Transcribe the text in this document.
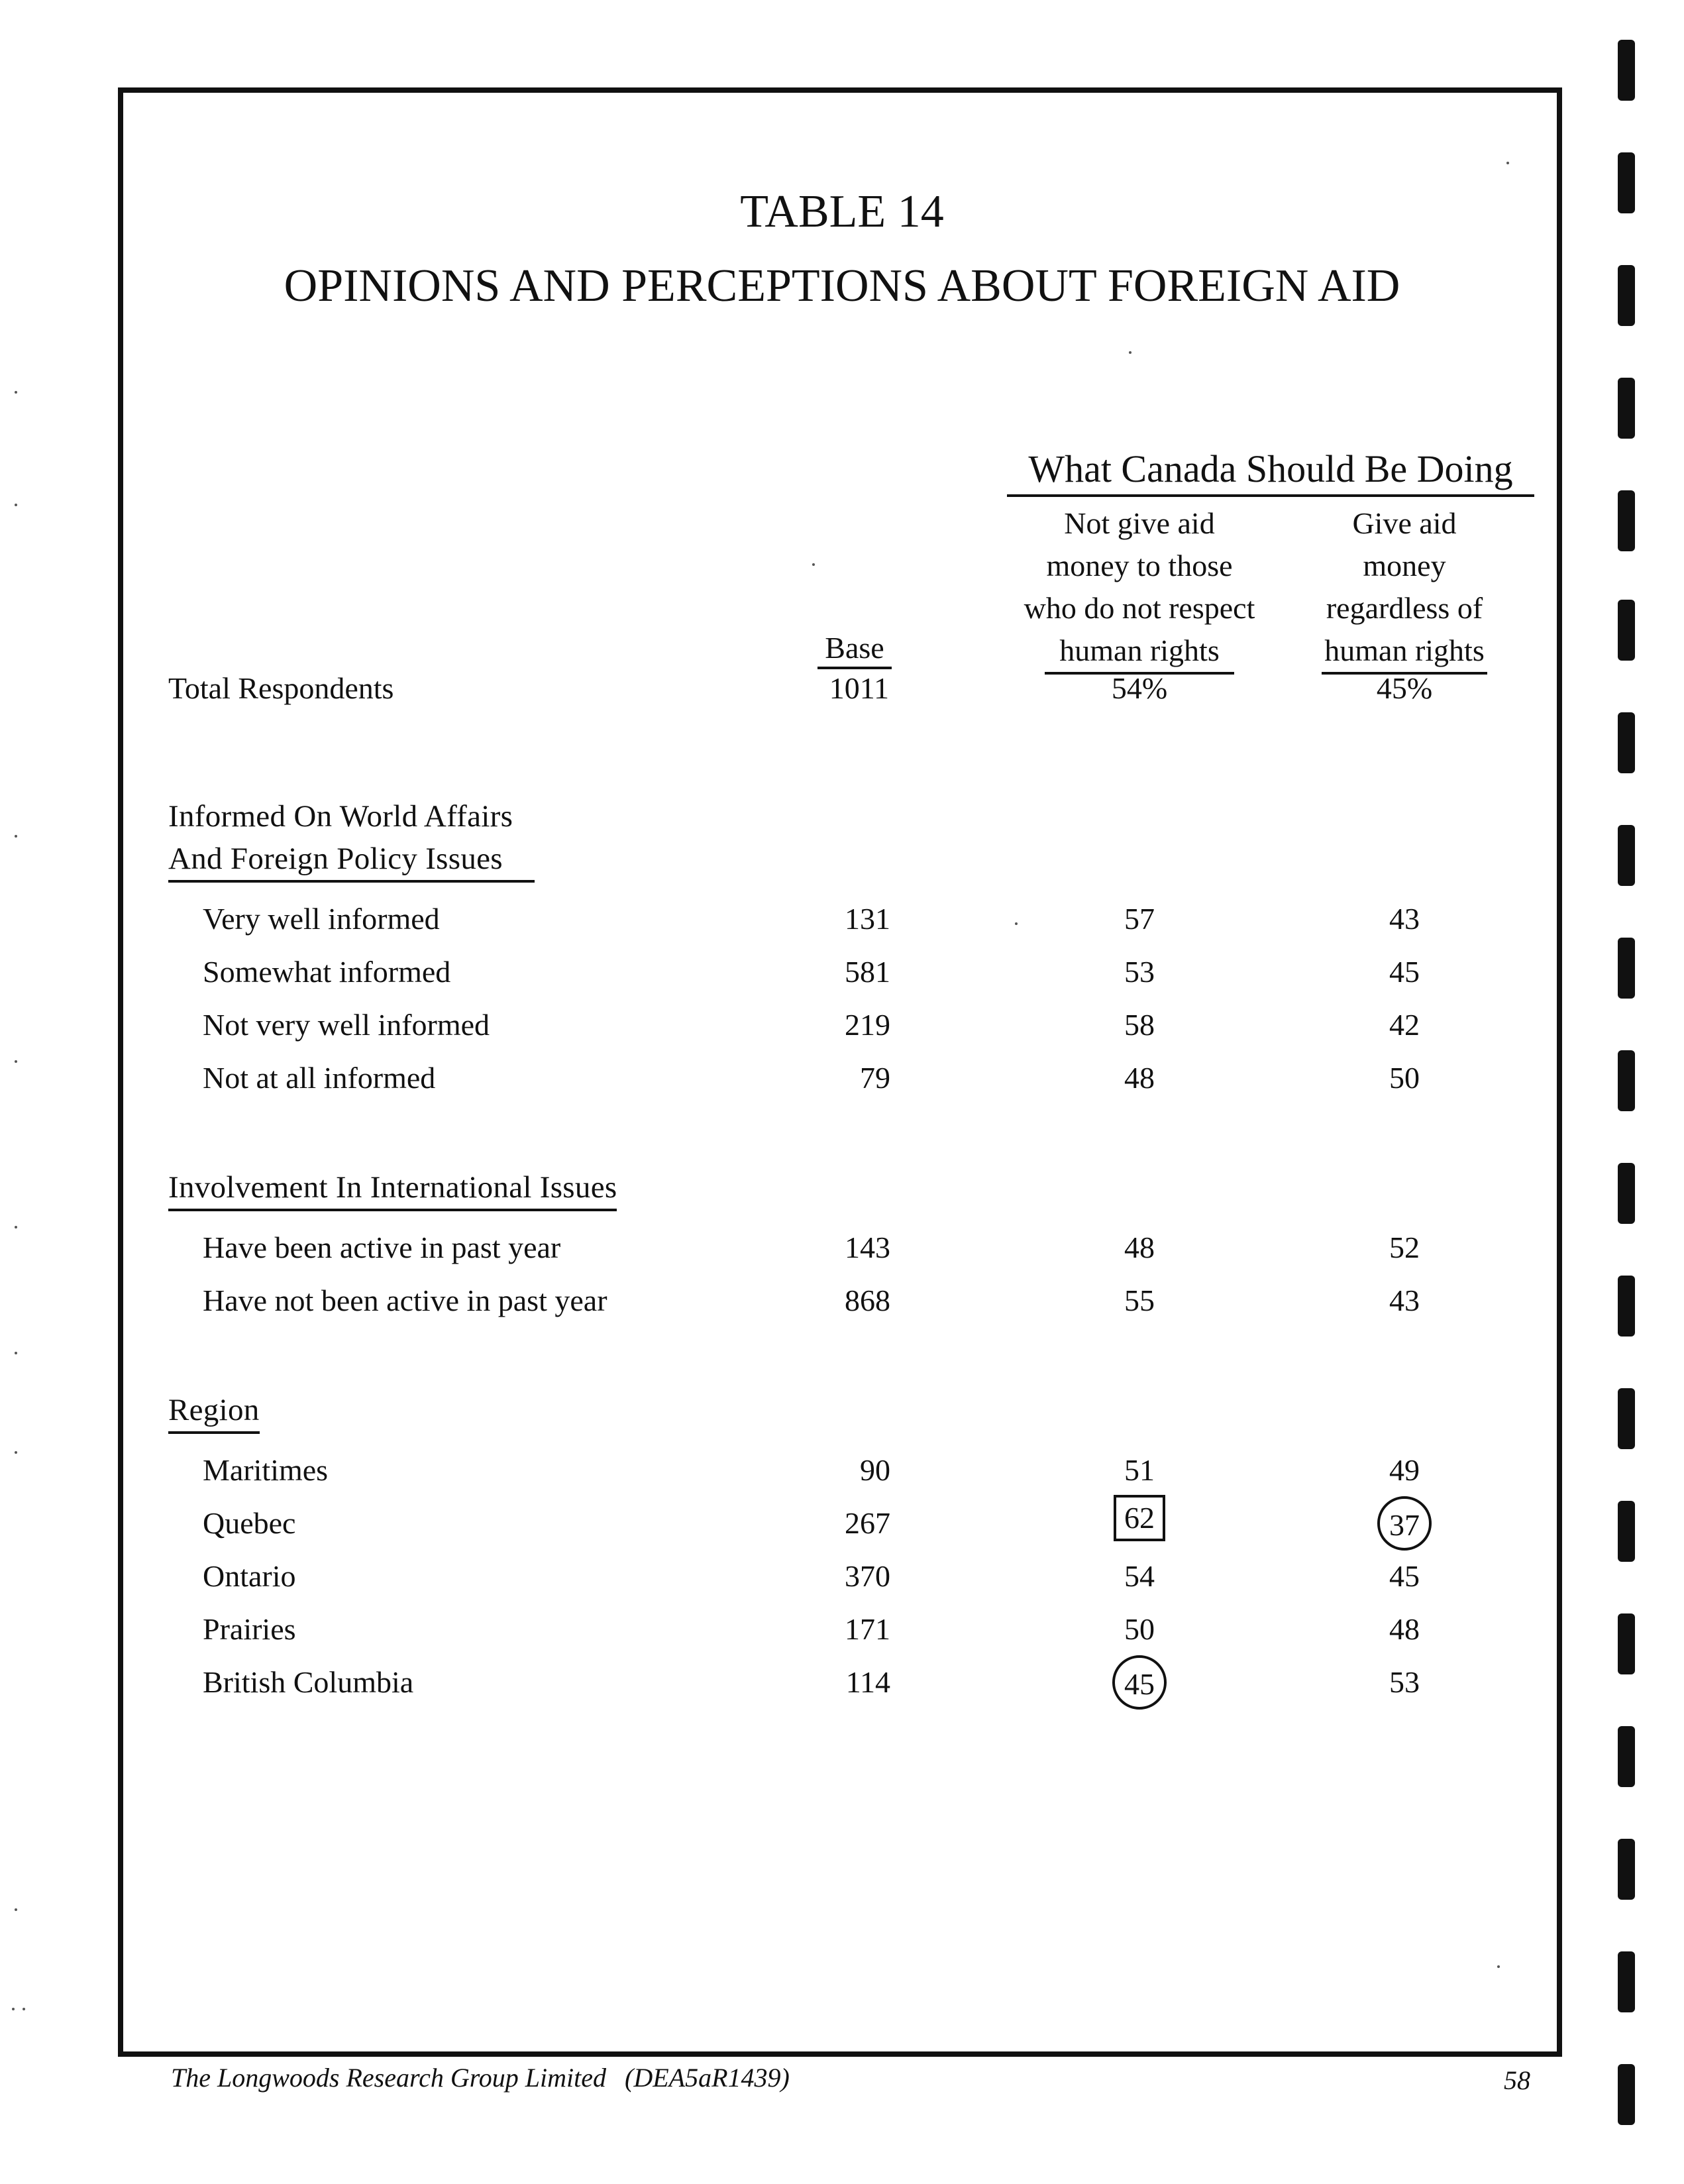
TABLE 14
OPINIONS AND PERCEPTIONS ABOUT FOREIGN AID
What Canada Should Be Doing
Not give aid
money to those
who do not respect
human rights
Give aid
money
regardless of
human rights
Base
Total Respondents	1011	54%	45%
Informed On World Affairs
And Foreign Policy Issues
Very well informed	131	57	43
Somewhat informed	581	53	45
Not very well informed	219	58	42
Not at all informed	79	48	50
Involvement In International Issues
Have been active in past year	143	48	52
Have not been active in past year	868	55	43
Region
Maritimes	90	51	49
Quebec	267	62	37
Ontario	370	54	45
Prairies	171	50	48
British Columbia	114	45	53
The Longwoods Research Group Limited (DEA5aR1439)	58
